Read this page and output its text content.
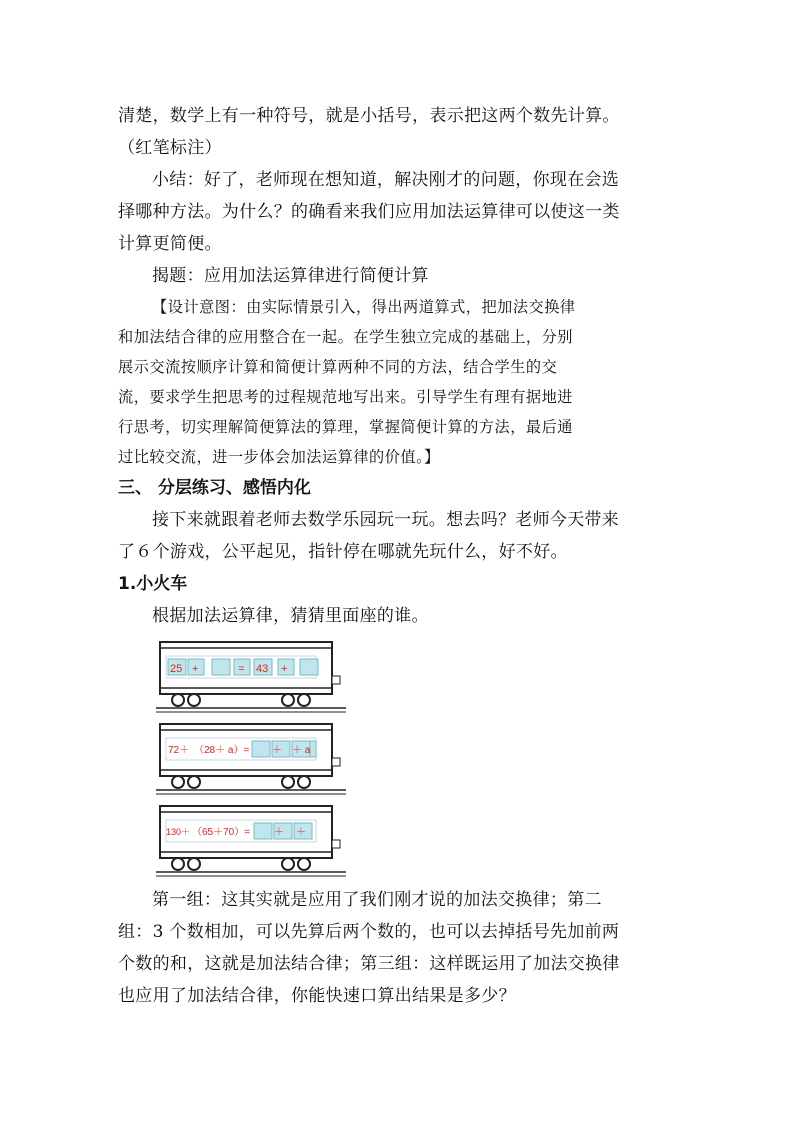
清楚，数学上有一种符号，就是小括号，表示把这两个数先计算。
（红笔标注）
小结：好了，老师现在想知道，解决刚才的问题，你现在会选
择哪种方法。为什么？的确看来我们应用加法运算律可以使这一类
计算更简便。
揭题：应用加法运算律进行简便计算
【设计意图：由实际情景引入，得出两道算式，把加法交换律
和加法结合律的应用整合在一起。在学生独立完成的基础上，分别
展示交流按顺序计算和简便计算两种不同的方法，结合学生的交
流，要求学生把思考的过程规范地写出来。引导学生有理有据地进
行思考，切实理解简便算法的算理，掌握简便计算的方法，最后通
过比较交流，进一步体会加法运算律的价值。】
三、 分层练习、感悟内化
接下来就跟着老师去数学乐园玩一玩。想去吗？老师今天带来
了６个游戏，公平起见，指针停在哪就先玩什么，好不好。
1.小火车
根据加法运算律，猜猜里面座的谁。
25 +	= 43 +
72＋ （28＋ a）= ＋ ＋ a
130＋ （65＋70）= ＋ ＋
第一组：这其实就是应用了我们刚才说的加法交换律；第二
组：3 个数相加，可以先算后两个数的，也可以去掉括号先加前两
个数的和，这就是加法结合律；第三组：这样既运用了加法交换律
也应用了加法结合律，你能快速口算出结果是多少？
